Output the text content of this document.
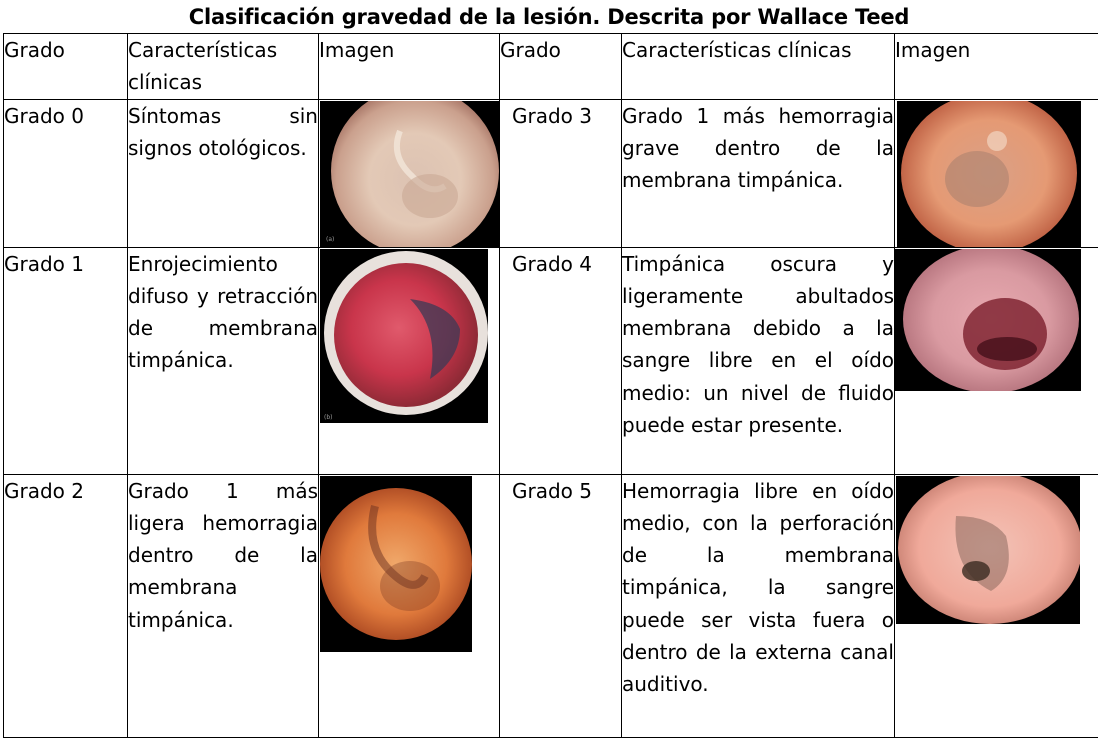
Clasificación gravedad de la lesión. Descrita por Wallace Teed
Grado	Características clínicas	Imagen	Grado	Características clínicas	Imagen
Grado 0	Síntomas sin signos otológicos.	(a)	Grado 3	Grado 1 más hemorragia grave dentro de la membrana timpánica.	

Grado 1	Enrojecimiento difuso y retracción de membrana timpánica.	(b)	Grado 4	Timpánica oscura y ligeramente abultados membrana debido a la sangre libre en el oído medio: un nivel de fluido puede estar presente.	

Grado 2	Grado 1 más ligera hemorragia dentro de la membrana timpánica.		Grado 5	Hemorragia libre en oído medio, con la perforación de la membrana timpánica, la sangre puede ser vista fuera o dentro de la externa canal auditivo.	
